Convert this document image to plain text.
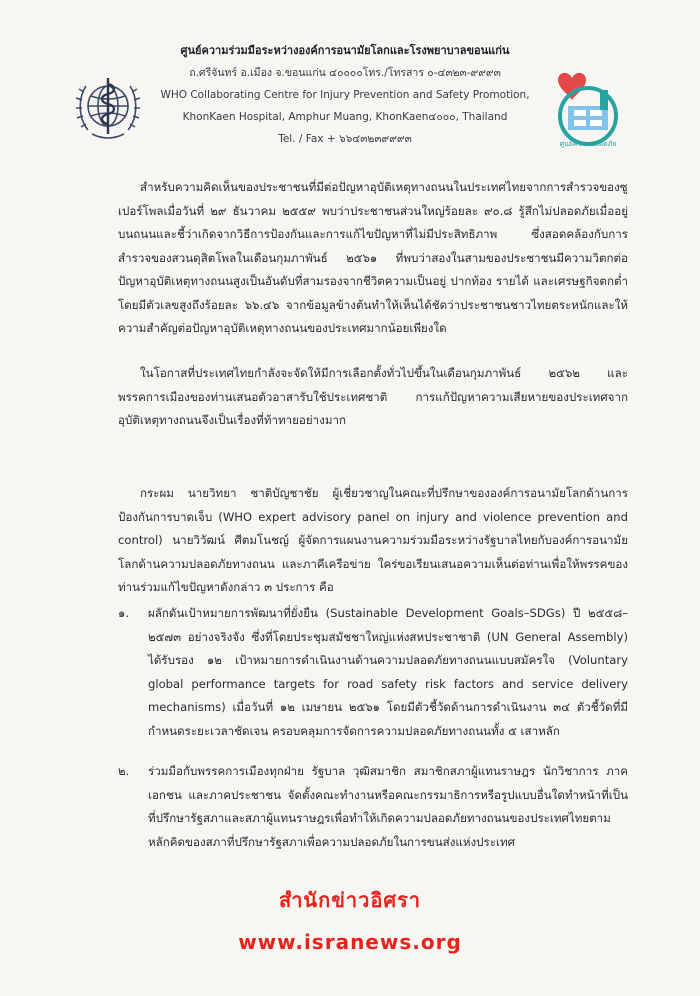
ศูนย์ความปลอดภัย
ศูนย์ความร่วมมือระหว่างองค์การอนามัยโลกและโรงพยาบาลขอนแก่น
ถ.ศรีจันทร์ อ.เมือง จ.ขอนแก่น ๔๐๐๐๐โทร./โทรสาร ๐-๔๓๒๓-๙๙๙๓
WHO Collaborating Centre for Injury Prevention and Safety Promotion,
KhonKaen Hospital, Amphur Muang, KhonKaen๔๐๐๐, Thailand
Tel. / Fax + ๖๖๔๓๒๓๙๙๙๓

สำหรับความคิดเห็นของประชาชนที่มีต่อปัญหาอุบัติเหตุทางถนนในประเทศไทยจากการสำรวจของซูเปอร์โพลเมื่อวันที่ ๒๙ ธันวาคม ๒๕๕๙ พบว่าประชาชนส่วนใหญ่ร้อยละ ๙๐.๘ รู้สึกไม่ปลอดภัยเมื่ออยู่บนถนนและชี้ว่าเกิดจากวิธีการป้องกันและการแก้ไขปัญหาที่ไม่มีประสิทธิภาพ ซึ่งสอดคล้องกับการสำรวจของสวนดุสิตโพลในเดือนกุมภาพันธ์ ๒๕๖๑ ที่พบว่าสองในสามของประชาชนมีความวิตกต่อปัญหาอุบัติเหตุทางถนนสูงเป็นอันดับที่สามรองจากชีวิตความเป็นอยู่ ปากท้อง รายได้ และเศรษฐกิจตกต่ำ โดยมีตัวเลขสูงถึงร้อยละ ๖๖.๔๖ จากข้อมูลข้างต้นทำให้เห็นได้ชัดว่าประชาชนชาวไทยตระหนักและให้ความสำคัญต่อปัญหาอุบัติเหตุทางถนนของประเทศมากน้อยเพียงใด

ในโอกาสที่ประเทศไทยกำลังจะจัดให้มีการเลือกตั้งทั่วไปขึ้นในเดือนกุมภาพันธ์ ๒๕๖๒ และพรรคการเมืองของท่านเสนอตัวอาสารับใช้ประเทศชาติ การแก้ปัญหาความเสียหายของประเทศจากอุบัติเหตุทางถนนจึงเป็นเรื่องที่ท้าทายอย่างมาก

กระผม นายวิทยา ชาติบัญชาชัย ผู้เชี่ยวชาญในคณะที่ปรึกษาขององค์การอนามัยโลกด้านการป้องกันการบาดเจ็บ (WHO expert advisory panel on injury and violence prevention and control) นายวิวัฒน์ ศีตมโนชญ์ ผู้จัดการแผนงานความร่วมมือระหว่างรัฐบาลไทยกับองค์การอนามัยโลกด้านความปลอดภัยทางถนน และภาคีเครือข่าย ใคร่ขอเรียนเสนอความเห็นต่อท่านเพื่อให้พรรคของท่านร่วมแก้ไขปัญหาดังกล่าว ๓ ประการ คือ

๑. ผลักดันเป้าหมายการพัฒนาที่ยั่งยืน (Sustainable Development Goals–SDGs) ปี ๒๕๕๘–๒๕๗๓ อย่างจริงจัง ซึ่งที่โดยประชุมสมัชชาใหญ่แห่งสหประชาชาติ (UN General Assembly) ได้รับรอง ๑๒ เป้าหมายการดำเนินงานด้านความปลอดภัยทางถนนแบบสมัครใจ (Voluntary global performance targets for road safety risk factors and service delivery mechanisms) เมื่อวันที่ ๑๒ เมษายน ๒๕๖๑ โดยมีตัวชี้วัดด้านการดำเนินงาน ๓๔ ตัวชี้วัดที่มีกำหนดระยะเวลาชัดเจน ครอบคลุมการจัดการความปลอดภัยทางถนนทั้ง ๕ เสาหลัก
๒. ร่วมมือกับพรรคการเมืองทุกฝ่าย รัฐบาล วุฒิสมาชิก สมาชิกสภาผู้แทนราษฎร นักวิชาการ ภาคเอกชน และภาคประชาชน จัดตั้งคณะทำงานหรือคณะกรรมาธิการหรือรูปแบบอื่นใดทำหน้าที่เป็นที่ปรึกษารัฐสภาและสภาผู้แทนราษฎรเพื่อทำให้เกิดความปลอดภัยทางถนนของประเทศไทยตามหลักคิดของสภาที่ปรึกษารัฐสภาเพื่อความปลอดภัยในการขนส่งแห่งประเทศ
สำนักข่าวอิศรา
www.isranews.org
